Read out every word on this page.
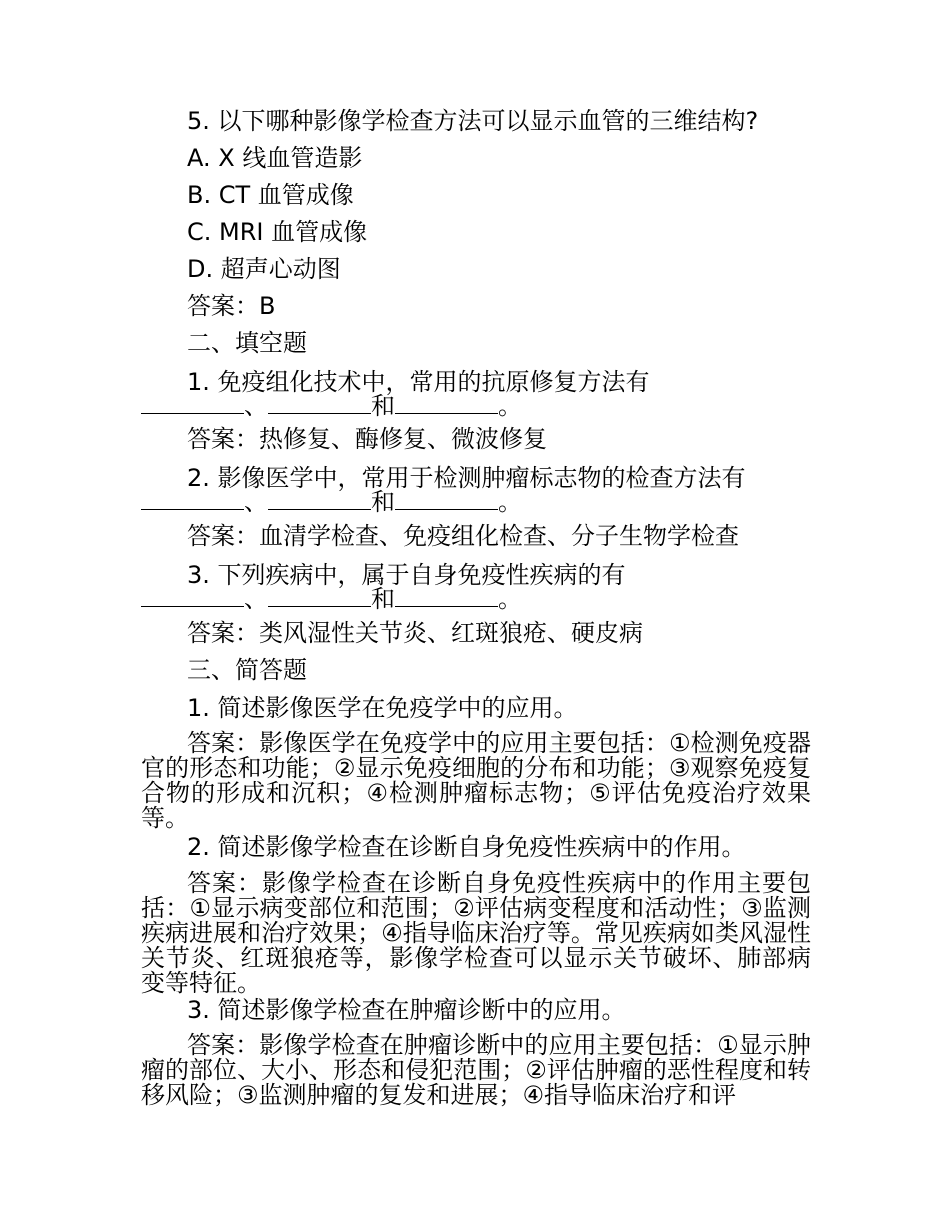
5. 以下哪种影像学检查方法可以显示血管的三维结构?
A. X 线血管造影
B. CT 血管成像
C. MRI 血管成像
D. 超声心动图
答案：B
二、填空题
1. 免疫组化技术中，常用的抗原修复方法有
、	和	。
答案：热修复、酶修复、微波修复
2. 影像医学中，常用于检测肿瘤标志物的检查方法有
、	和	。
答案：血清学检查、免疫组化检查、分子生物学检查
3. 下列疾病中，属于自身免疫性疾病的有
、	和	。
答案：类风湿性关节炎、红斑狼疮、硬皮病
三、简答题
1. 简述影像医学在免疫学中的应用。
答案：影像医学在免疫学中的应用主要包括：①检测免疫器官的形态和功能；②显示免疫细胞的分布和功能；③观察免疫复合物的形成和沉积；④检测肿瘤标志物；⑤评估免疫治疗效果等。
2. 简述影像学检查在诊断自身免疫性疾病中的作用。
答案：影像学检查在诊断自身免疫性疾病中的作用主要包括：①显示病变部位和范围；②评估病变程度和活动性；③监测疾病进展和治疗效果；④指导临床治疗等。常见疾病如类风湿性关节炎、红斑狼疮等，影像学检查可以显示关节破坏、肺部病变等特征。
3. 简述影像学检查在肿瘤诊断中的应用。
答案：影像学检查在肿瘤诊断中的应用主要包括：①显示肿瘤的部位、大小、形态和侵犯范围；②评估肿瘤的恶性程度和转移风险；③监测肿瘤的复发和进展；④指导临床治疗和评
